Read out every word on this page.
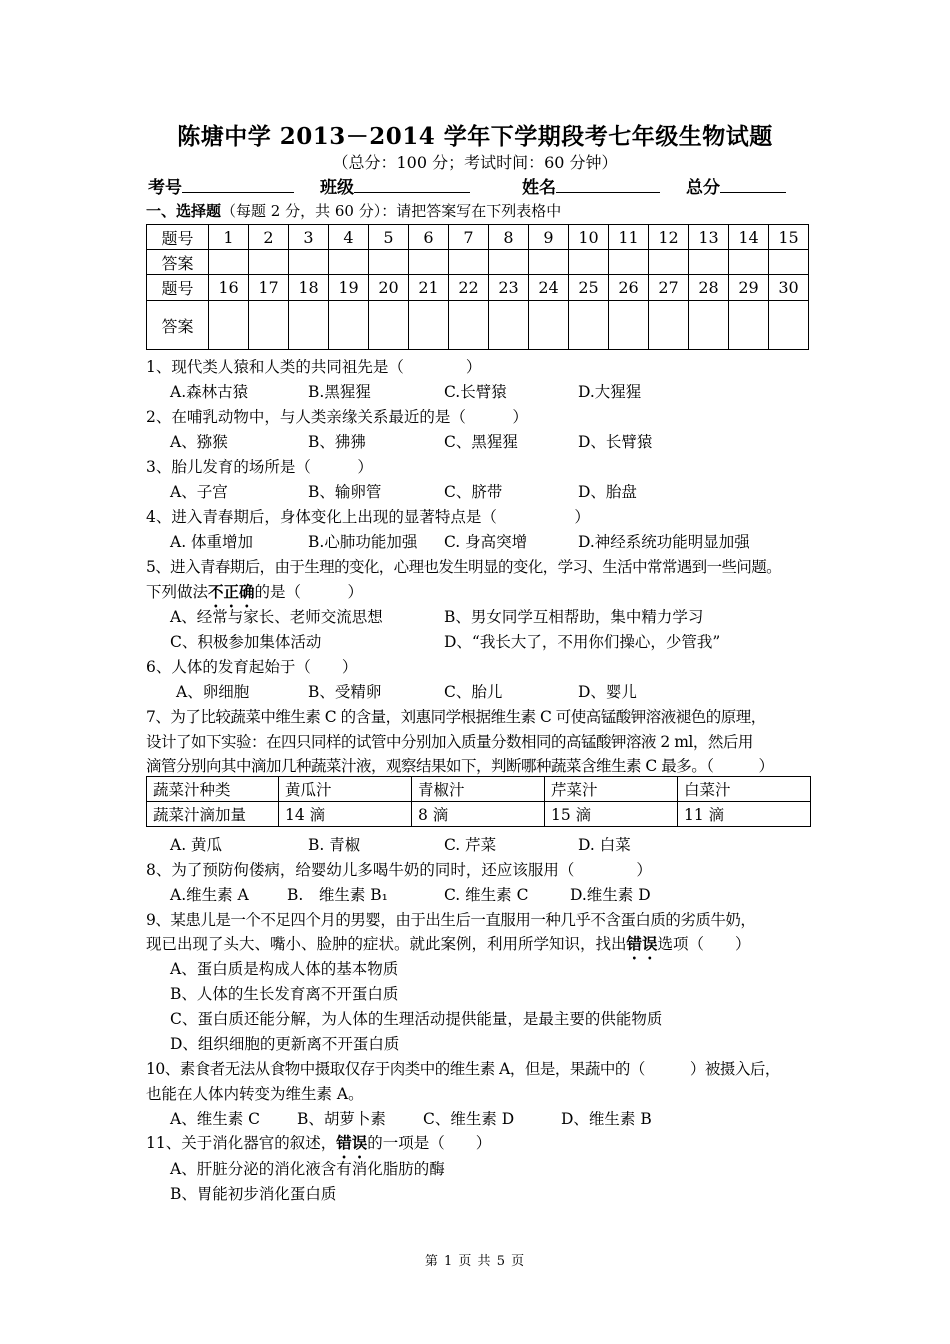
陈塘中学 2013－2014 学年下学期段考七年级生物试题
（总分：100 分；考试时间：60 分钟）
考号	班级	姓名	总分
一、选择题（每题 2 分，共 60 分）：请把答案写在下列表格中
题号	1	2	3	4	5	6	7	8	9	10	11	12	13	14	15
答案															
题号	16	17	18	19	20	21	22	23	24	25	26	27	28	29	30
答案															
1、现代类人猿和人类的共同祖先是（　　　　）
A.森林古猿	B.黑猩猩	C.长臂猿	D.大猩猩
2、在哺乳动物中，与人类亲缘关系最近的是（　　　）
A、猕猴	B、狒狒	C、黑猩猩	D、长臂猿
3、胎儿发育的场所是（　　　）
A、子宫	B、输卵管	C、脐带	D、胎盘
4、进入青春期后，身体变化上出现的显著特点是（　　　　　）
A. 体重增加	B.心肺功能加强 C. 身高突增	D.神经系统功能明显加强
5、进入青春期后，由于生理的变化，心理也发生明显的变化，学习、生活中常常遇到一些问题。
下列做法不正确的是（　　　）
A、经常与家长、老师交流思想	B、男女同学互相帮助，集中精力学习
C、积极参加集体活动	D、“我长大了，不用你们操心，少管我”
6、人体的发育起始于（　　）
A、卵细胞	B、受精卵	C、胎儿	D、婴儿
7、为了比较蔬菜中维生素 C 的含量，刘惠同学根据维生素 C 可使高锰酸钾溶液褪色的原理，
设计了如下实验：在四只同样的试管中分别加入质量分数相同的高锰酸钾溶液 2 ml，然后用
滴管分别向其中滴加几种蔬菜汁液，观察结果如下，判断哪种蔬菜含维生素 C 最多。（　　　）
蔬菜汁种类	黄瓜汁	青椒汁	芹菜汁	白菜汁
蔬菜汁滴加量	14 滴	8 滴	15 滴	11 滴
A. 黄瓜	B. 青椒	C. 芹菜	D. 白菜
8、为了预防佝偻病，给婴幼儿多喝牛奶的同时，还应该服用（　　　　）
A.维生素 A B.　维生素 B₁	C. 维生素 C	D.维生素 D
9、某患儿是一个不足四个月的男婴，由于出生后一直服用一种几乎不含蛋白质的劣质牛奶，
现已出现了头大、嘴小、脸肿的症状。就此案例，利用所学知识，找出错误选项（　　）
A、蛋白质是构成人体的基本物质
B、人体的生长发育离不开蛋白质
C、蛋白质还能分解，为人体的生理活动提供能量，是最主要的供能物质
D、组织细胞的更新离不开蛋白质
10、素食者无法从食物中摄取仅存于肉类中的维生素 A，但是，果蔬中的（　　　）被摄入后，
也能在人体内转变为维生素 A。
A、维生素 C B、胡萝卜素 C、维生素 D	D、维生素 B
11、关于消化器官的叙述，错误的一项是（　　）
A、肝脏分泌的消化液含有消化脂肪的酶
B、胃能初步消化蛋白质
第 1 页 共 5 页
